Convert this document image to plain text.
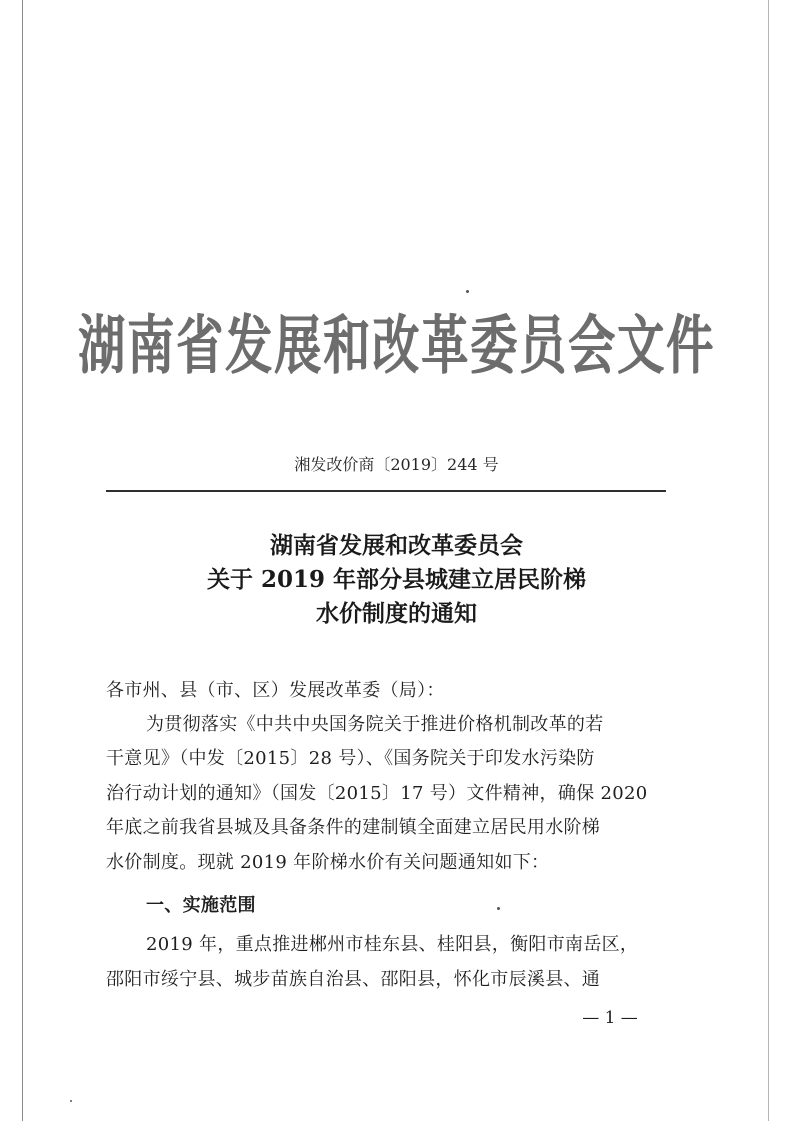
湖南省发展和改革委员会文件
湘发改价商〔2019〕244 号
湖南省发展和改革委员会
关于 2019 年部分县城建立居民阶梯
水价制度的通知
各市州、县（市、区）发展改革委（局）：
为贯彻落实《中共中央国务院关于推进价格机制改革的若
干意见》（中发〔2015〕28 号）、《国务院关于印发水污染防
治行动计划的通知》（国发〔2015〕17 号）文件精神，确保 2020
年底之前我省县城及具备条件的建制镇全面建立居民用水阶梯
水价制度。现就 2019 年阶梯水价有关问题通知如下：
一、实施范围
2019 年，重点推进郴州市桂东县、桂阳县，衡阳市南岳区，
邵阳市绥宁县、城步苗族自治县、邵阳县，怀化市辰溪县、通
— 1 —
